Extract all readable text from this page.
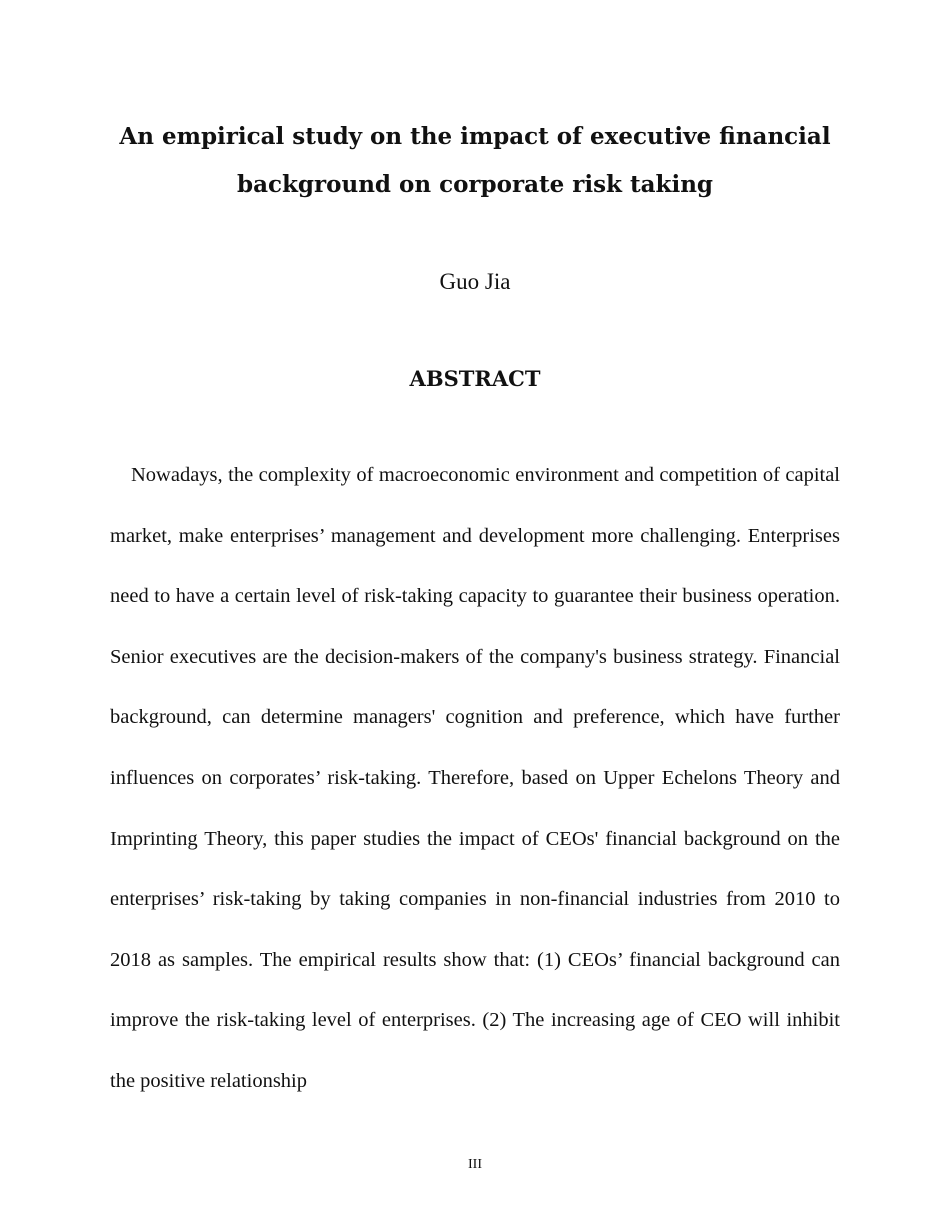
An empirical study on the impact of executive financial background on corporate risk taking

Guo Jia

ABSTRACT

Nowadays, the complexity of macroeconomic environment and competition of capital market, make enterprises’ management and development more challenging. Enterprises need to have a certain level of risk-taking capacity to guarantee their business operation. Senior executives are the decision-makers of the company's business strategy. Financial background, can determine managers' cognition and preference, which have further influences on corporates’ risk-taking. Therefore, based on Upper Echelons Theory and Imprinting Theory, this paper studies the impact of CEOs' financial background on the enterprises’ risk-taking by taking companies in non-financial industries from 2010 to 2018 as samples. The empirical results show that: (1) CEOs’ financial background can improve the risk-taking level of enterprises. (2) The increasing age of CEO will inhibit the positive relationship

III
